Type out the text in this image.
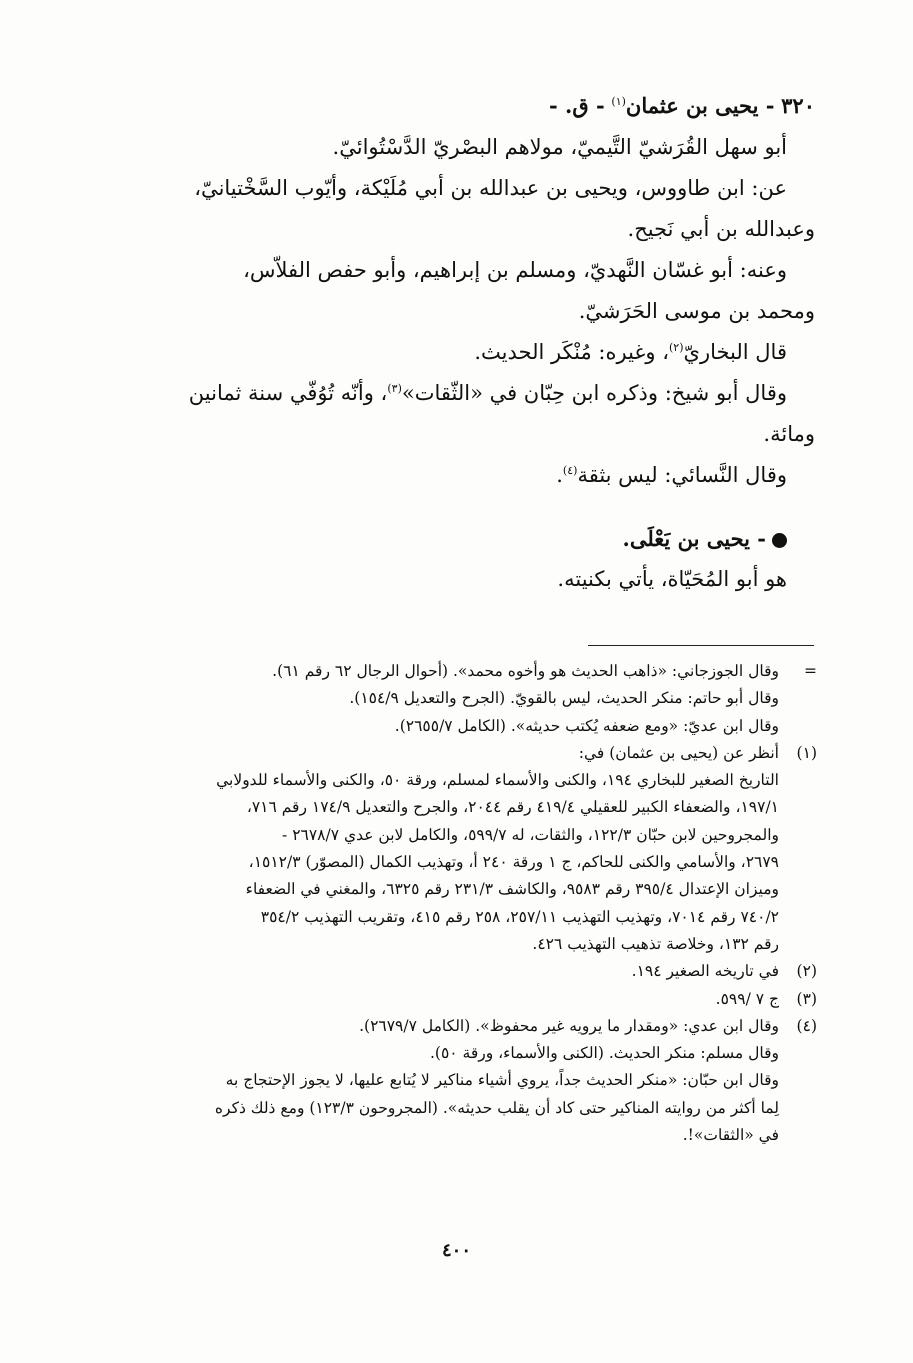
٣٢٠ - يحيى بن عثمان$^{(١)}$ - ق. -

أبو سهل القُرَشيّ التَّيميّ، مولاهم البصْريّ الدَّسْتُوائيّ.

عن: ابن طاووس، ويحيى بن عبدالله بن أبي مُلَيْكة، وأيّوب السَّخْتيانيّ،

وعبدالله بن أبي نَجيح.

وعنه: أبو غسّان النَّهديّ، ومسلم بن إبراهيم، وأبو حفص الفلاّس،

ومحمد بن موسى الحَرَشيّ.

قال البخاريّ$^{(٢)}$، وغيره: مُنْكَر الحديث.

وقال أبو شيخ: وذكره ابن حِبّان في «الثّقات»$^{(٣)}$، وأنّه تُوُفّي سنة ثمانين

ومائة.

وقال النَّسائي: ليس بثقة$^{(٤)}$.

- يحيى بن يَعْلَى.

هو أبو المُحَيّاة، يأتي بكنيته.

=
وقال الجوزجاني: «ذاهب الحديث هو وأخوه محمد». (أحوال الرجال ٦٢ رقم ٦١).
وقال أبو حاتم: منكر الحديث، ليس بالقويّ. (الجرح والتعديل ١٥٤/٩).
وقال ابن عديّ: «ومع ضعفه يُكتب حديثه». (الكامل ٢٦٥٥/٧).
(١)
أنظر عن (يحيى بن عثمان) في:
التاريخ الصغير للبخاري ١٩٤، والكنى والأسماء لمسلم، ورقة ٥٠، والكنى والأسماء للدولابي
١٩٧/١، والضعفاء الكبير للعقيلي ٤١٩/٤ رقم ٢٠٤٤، والجرح والتعديل ١٧٤/٩ رقم ٧١٦،
والمجروحين لابن حبّان ١٢٢/٣، والثقات، له ٥٩٩/٧، والكامل لابن عدي ٢٦٧٨/٧ -
٢٦٧٩، والأسامي والكنى للحاكم، ج ١ ورقة ٢٤٠ أ، وتهذيب الكمال (المصوّر) ١٥١٢/٣،
وميزان الإعتدال ٣٩٥/٤ رقم ٩٥٨٣، والكاشف ٢٣١/٣ رقم ٦٣٢٥، والمغني في الضعفاء
٧٤٠/٢ رقم ٧٠١٤، وتهذيب التهذيب ٢٥٧/١١، ٢٥٨ رقم ٤١٥، وتقريب التهذيب ٣٥٤/٢
رقم ١٣٢، وخلاصة تذهيب التهذيب ٤٢٦.
(٢)
في تاريخه الصغير ١٩٤.
(٣)
ج ٧ /٥٩٩.
(٤)
وقال ابن عدي: «ومقدار ما يرويه غير محفوظ». (الكامل ٢٦٧٩/٧).
وقال مسلم: منكر الحديث. (الكنى والأسماء، ورقة ٥٠).
وقال ابن حبّان: «منكر الحديث جداً، يروي أشياء مناكير لا يُتابع عليها، لا يجوز الإحتجاج به
لِما أكثر من روايته المناكير حتى كاد أن يقلب حديثه». (المجروحون ١٢٣/٣) ومع ذلك ذكره
في «الثقات»!.
٤٠٠
